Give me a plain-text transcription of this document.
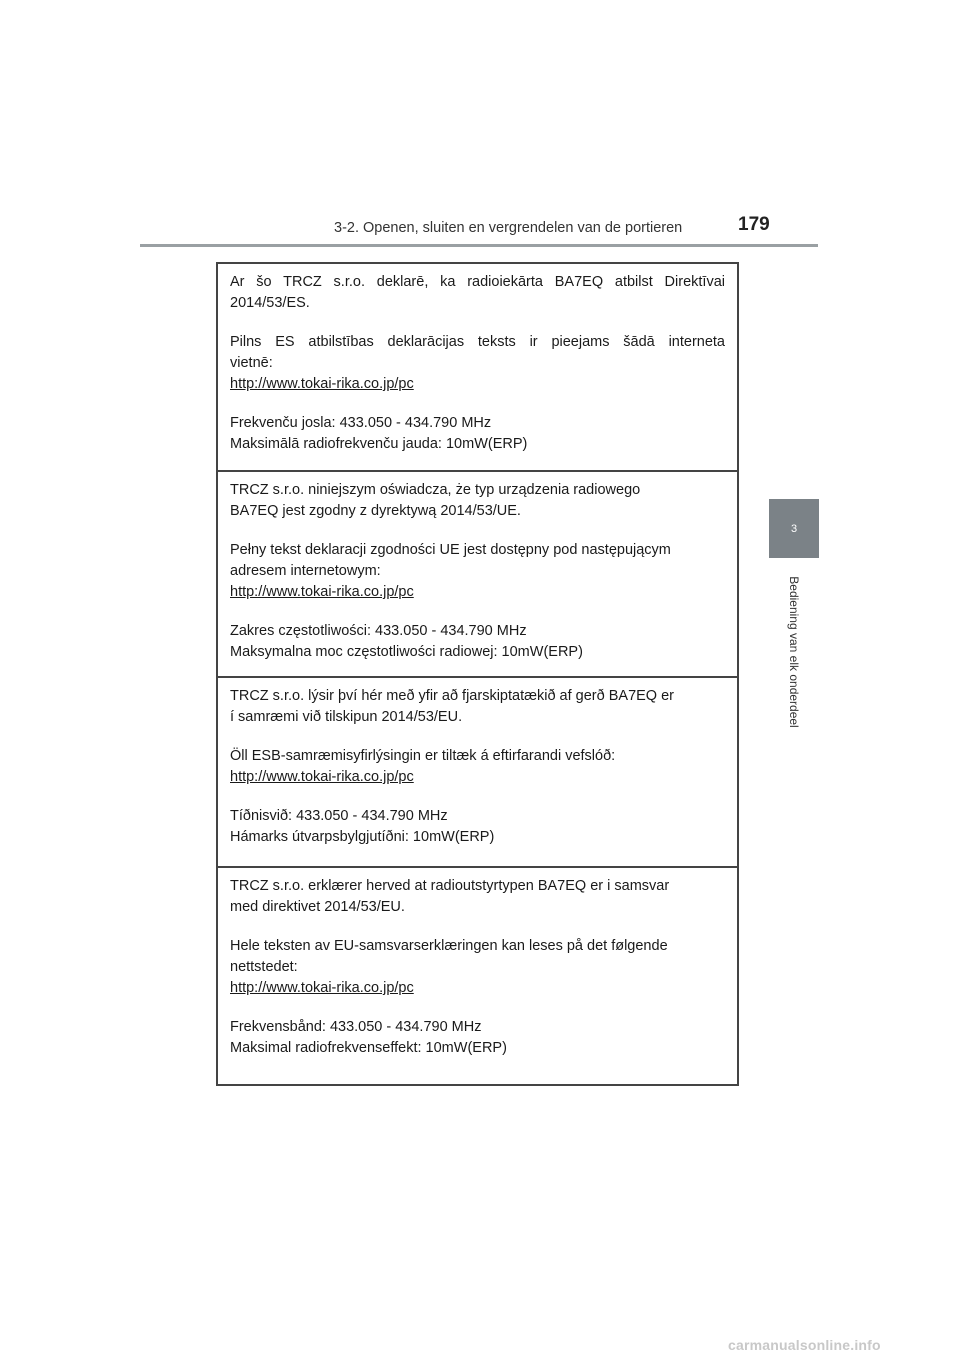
3-2. Openen, sluiten en vergrendelen van de portieren	179
3
Bediening van elk onderdeel

Ar šo TRCZ s.r.o. deklarē, ka radioiekārta BA7EQ atbilst Direktīvai

2014/53/ES.

Pilns ES atbilstības deklarācijas teksts ir pieejams šādā interneta

vietnē:

http://www.tokai-rika.co.jp/pc

Frekvenču josla: 433.050 - 434.790 MHz

Maksimālā radiofrekvenču jauda: 10mW(ERP)

TRCZ s.r.o. niniejszym oświadcza, że typ urządzenia radiowego

BA7EQ jest zgodny z dyrektywą 2014/53/UE.

Pełny tekst deklaracji zgodności UE jest dostępny pod następującym

adresem internetowym:

http://www.tokai-rika.co.jp/pc

Zakres częstotliwości: 433.050 - 434.790 MHz

Maksymalna moc częstotliwości radiowej: 10mW(ERP)

TRCZ s.r.o. lýsir því hér með yfir að fjarskiptatækið af gerð BA7EQ er

í samræmi við tilskipun 2014/53/EU.

Öll ESB-samræmisyfirlýsingin er tiltæk á eftirfarandi vefslóð:

http://www.tokai-rika.co.jp/pc

Tíðnisvið: 433.050 - 434.790 MHz

Hámarks útvarpsbylgjutíðni: 10mW(ERP)

TRCZ s.r.o. erklærer herved at radioutstyrtypen BA7EQ er i samsvar

med direktivet 2014/53/EU.

Hele teksten av EU-samsvarserklæringen kan leses på det følgende

nettstedet:

http://www.tokai-rika.co.jp/pc

Frekvensbånd: 433.050 - 434.790 MHz

Maksimal radiofrekvenseffekt: 10mW(ERP)

carmanualsonline.info
